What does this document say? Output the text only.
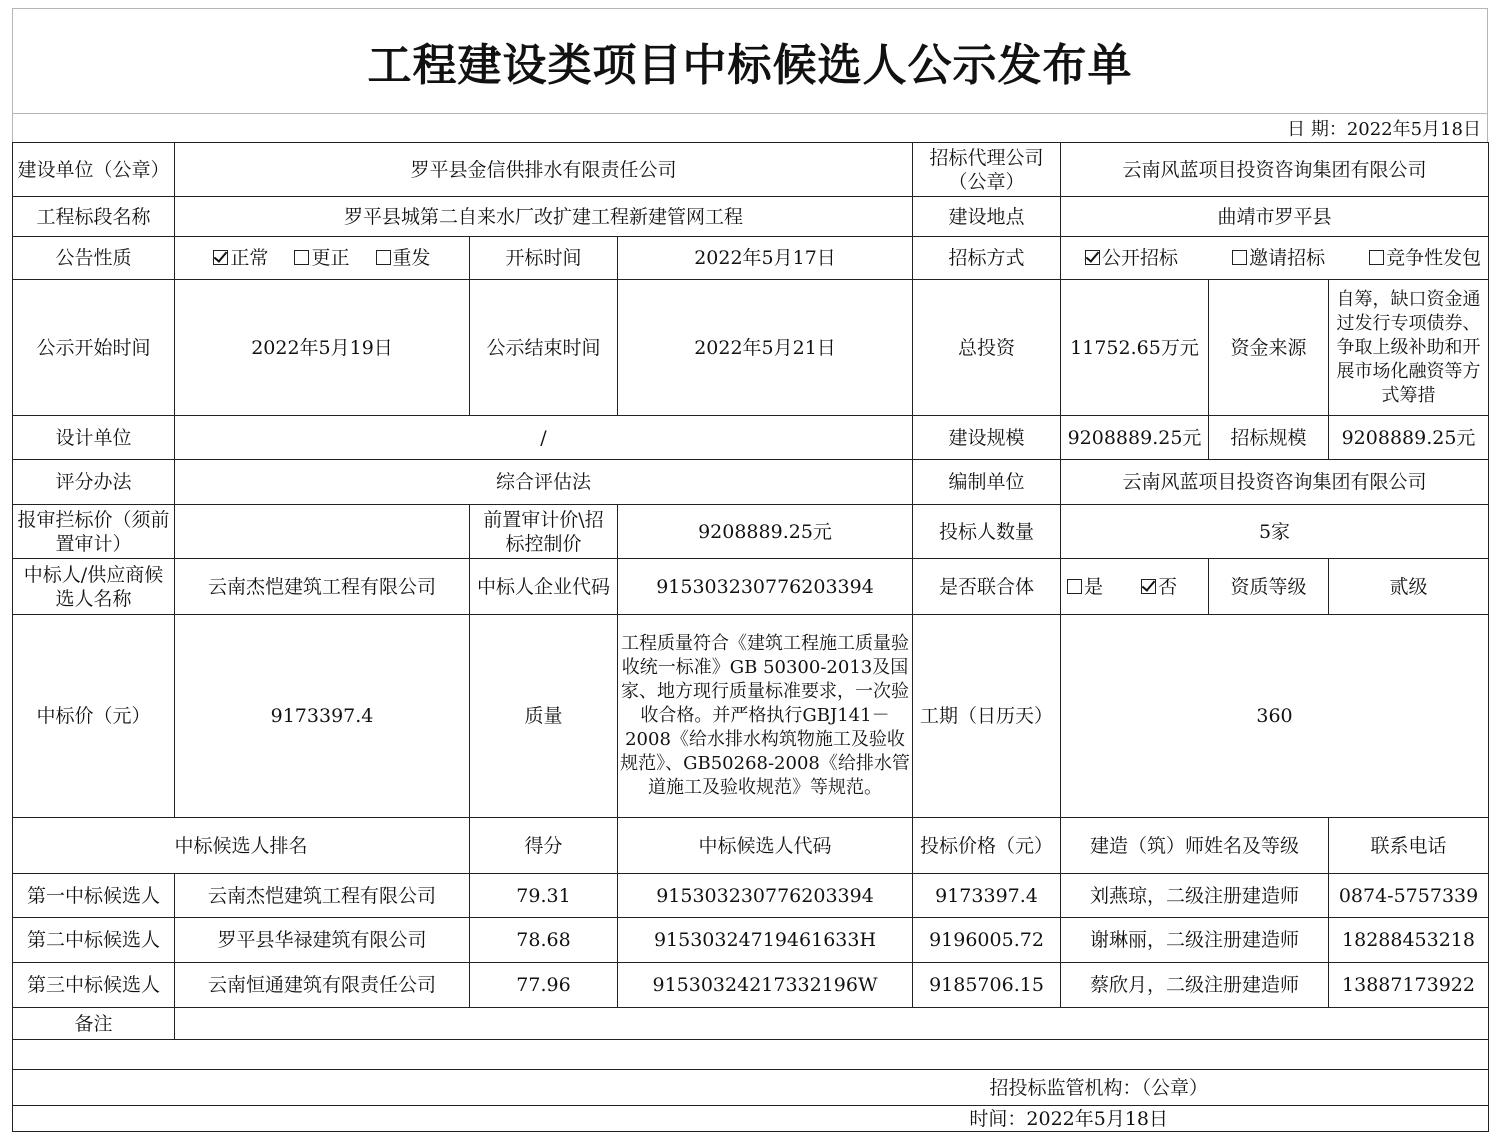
工程建设类项目中标候选人公示发布单
日 期：2022年5月18日
建设单位（公章）	罗平县金信供排水有限责任公司			招标代理公司（公章）	云南风蓝项目投资咨询集团有限公司		
工程标段名称	罗平县城第二自来水厂改扩建工程新建管网工程			建设地点	曲靖市罗平县		
公告性质	正常 更正 重发	开标时间	2022年5月17日	招标方式	公开招标 邀请招标 竞争性发包		
公示开始时间	2022年5月19日	公示结束时间	2022年5月21日	总投资	11752.65万元	资金来源	自筹，缺口资金通过发行专项债券、争取上级补助和开展市场化融资等方式筹措
设计单位	/			建设规模	9208889.25元	招标规模	9208889.25元
评分办法	综合评估法			编制单位	云南风蓝项目投资咨询集团有限公司		
报审拦标价（须前置审计）		前置审计价\招标控制价	9208889.25元	投标人数量	5家		
中标人/供应商候选人名称	云南杰恺建筑工程有限公司	中标人企业代码	915303230776203394	是否联合体	是 否	资质等级	贰级
中标价（元）	9173397.4	质量	工程质量符合《建筑工程施工质量验收统一标准》GB 50300-2013及国家、地方现行质量标准要求，一次验收合格。并严格执行GBJ141－2008《给水排水构筑物施工及验收规范》、GB50268-2008《给排水管道施工及验收规范》等规范。	工期（日历天）	360		
中标候选人排名		得分	中标候选人代码	投标价格（元）	建造（筑）师姓名及等级		联系电话
第一中标候选人	云南杰恺建筑工程有限公司	79.31	915303230776203394	9173397.4	刘燕琼，二级注册建造师		0874-5757339
第二中标候选人	罗平县华禄建筑有限公司	78.68	91530324719461633H	9196005.72	谢琳丽，二级注册建造师		18288453218
第三中标候选人	云南恒通建筑有限责任公司	77.96	91530324217332196W	9185706.15	蔡欣月，二级注册建造师		13887173922
备注							

招投标监管机构：（公章）							
时间：2022年5月18日							
